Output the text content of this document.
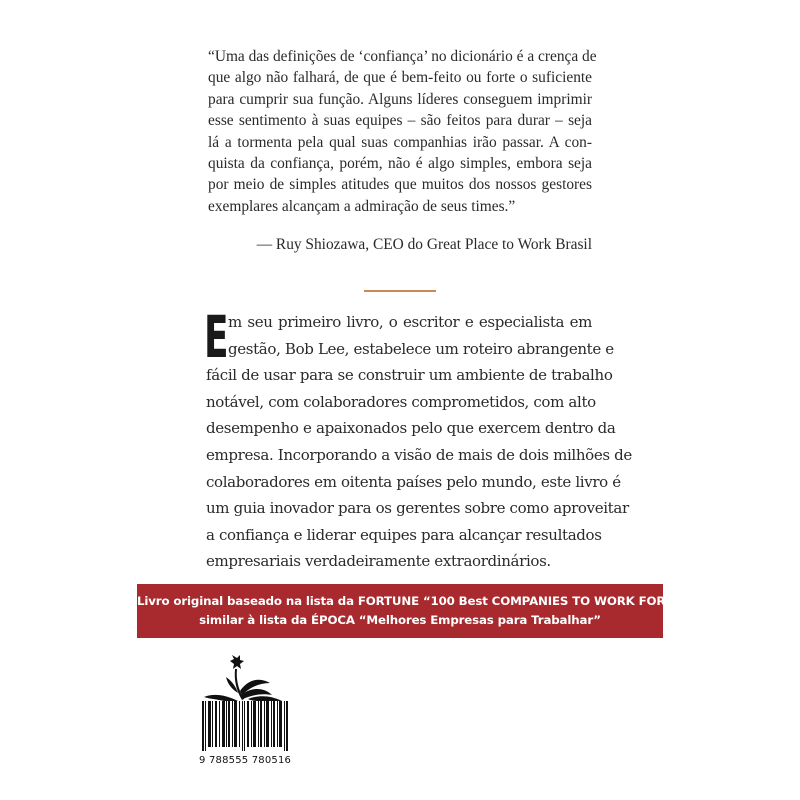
“Uma das definições de ‘confiança’ no dicionário é a crença de
que algo não falhará, de que é bem-feito ou forte o suficiente
para cumprir sua função. Alguns líderes conseguem imprimir
esse sentimento à suas equipes – são feitos para durar – seja
lá a tormenta pela qual suas companhias irão passar. A con-
quista da confiança, porém, não é algo simples, embora seja
por meio de simples atitudes que muitos dos nossos gestores
exemplares alcançam a admiração de seus times.”
— Ruy Shiozawa, CEO do Great Place to Work Brasil
E m seu primeiro livro, o escritor e especialista em
gestão, Bob Lee, estabelece um roteiro abrangente e
fácil de usar para se construir um ambiente de trabalho
notável, com colaboradores comprometidos, com alto
desempenho e apaixonados pelo que exercem dentro da
empresa. Incorporando a visão de mais de dois milhões de
colaboradores em oitenta países pelo mundo, este livro é
um guia inovador para os gerentes sobre como aproveitar
a confiança e liderar equipes para alcançar resultados
empresariais verdadeiramente extraordinários.
Livro original baseado na lista da FORTUNE “100 Best COMPANIES TO WORK FOR”
similar à lista da ÉPOCA “Melhores Empresas para Trabalhar”
9 788555 780516
